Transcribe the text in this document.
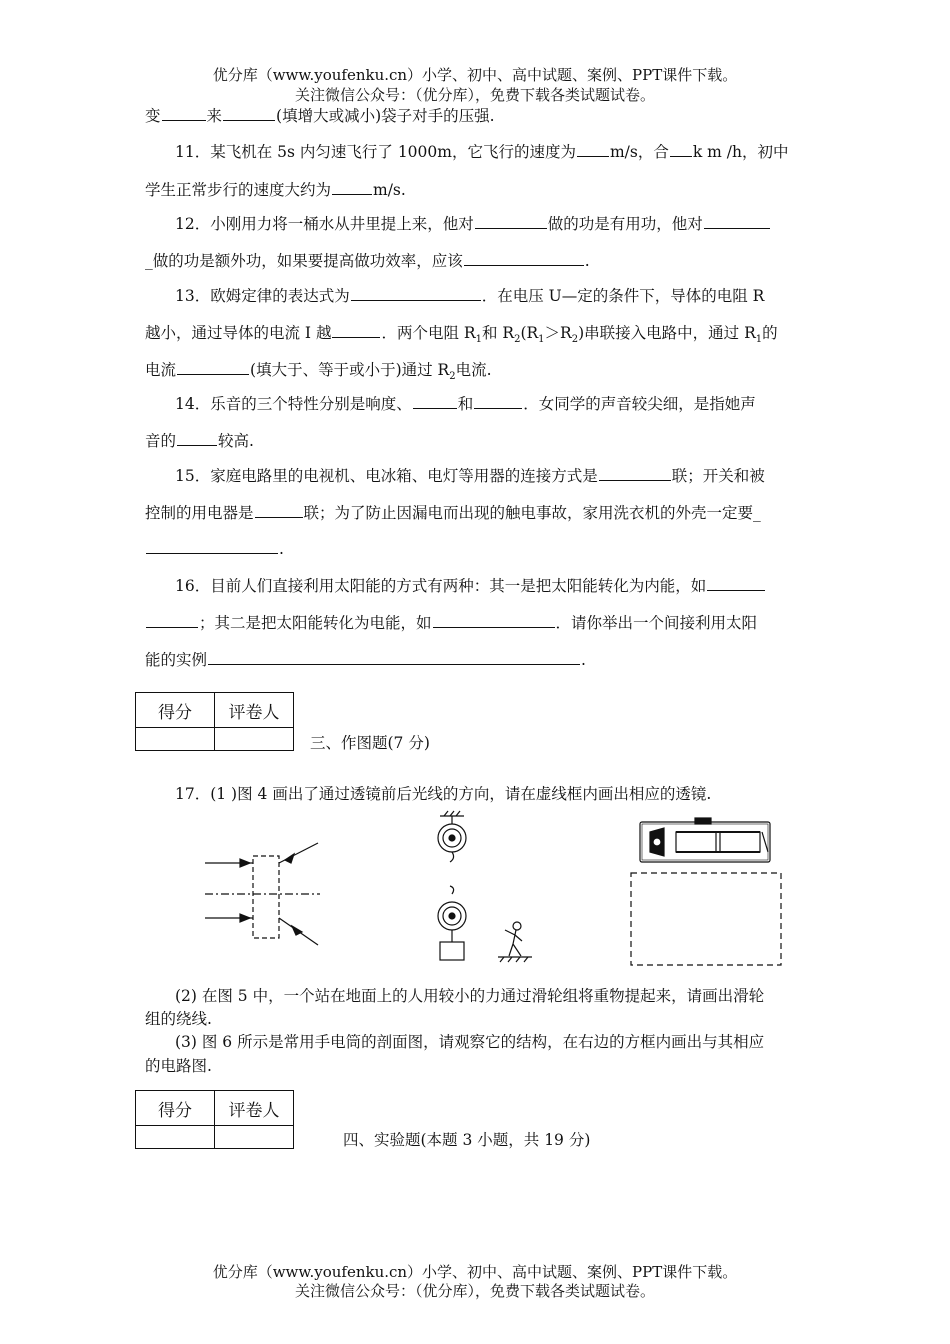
优分库（www.youfenku.cn）小学、初中、高中试题、案例、PPT课件下载。
关注微信公众号：（优分库），免费下载各类试题试卷。
变	来	(填增大或减小)袋子对手的压强.
11．某飞机在 5s 内匀速飞行了 1000m，它飞行的速度为 m/s，合 k m /h，初中
学生正常步行的速度大约为	m/s.
12．小刚用力将一桶水从井里提上来，他对	做的功是有用功，他对
_做的功是额外功，如果要提高做功效率，应该	.
13．欧姆定律的表达式为	．在电压 U—定的条件下，导体的电阻 R
越小，通过导体的电流 I 越	．两个电阻 $R_1$和 $R_2(R_1>R_2)$串联接入电路中，通过 $R_1$的
电流	(填大于、等于或小于)通过 $R_2$电流.
14．乐音的三个特性分别是响度、	和	．女同学的声音较尖细，是指她声
音的	较高.
15．家庭电路里的电视机、电冰箱、电灯等用器的连接方式是	联；开关和被
控制的用电器是	联；为了防止因漏电而出现的触电事故，家用洗衣机的外壳一定要_
.
16．目前人们直接利用太阳能的方式有两种：其一是把太阳能转化为内能，如
；其二是把太阳能转化为电能，如	．请你举出一个间接利用太阳
能的实例	.
得分	评卷人

三、作图题(7 分)
17．(1 )图 4 画出了通过透镜前后光线的方向，请在虚线框内画出相应的透镜.
(2) 在图 5 中，一个站在地面上的人用较小的力通过滑轮组将重物提起来，请画出滑轮
组的绕线.
(3) 图 6 所示是常用手电筒的剖面图，请观察它的结构，在右边的方框内画出与其相应
的电路图.
得分	评卷人

四、实验题(本题 3 小题，共 19 分)
优分库（www.youfenku.cn）小学、初中、高中试题、案例、PPT课件下载。
关注微信公众号：（优分库），免费下载各类试题试卷。
